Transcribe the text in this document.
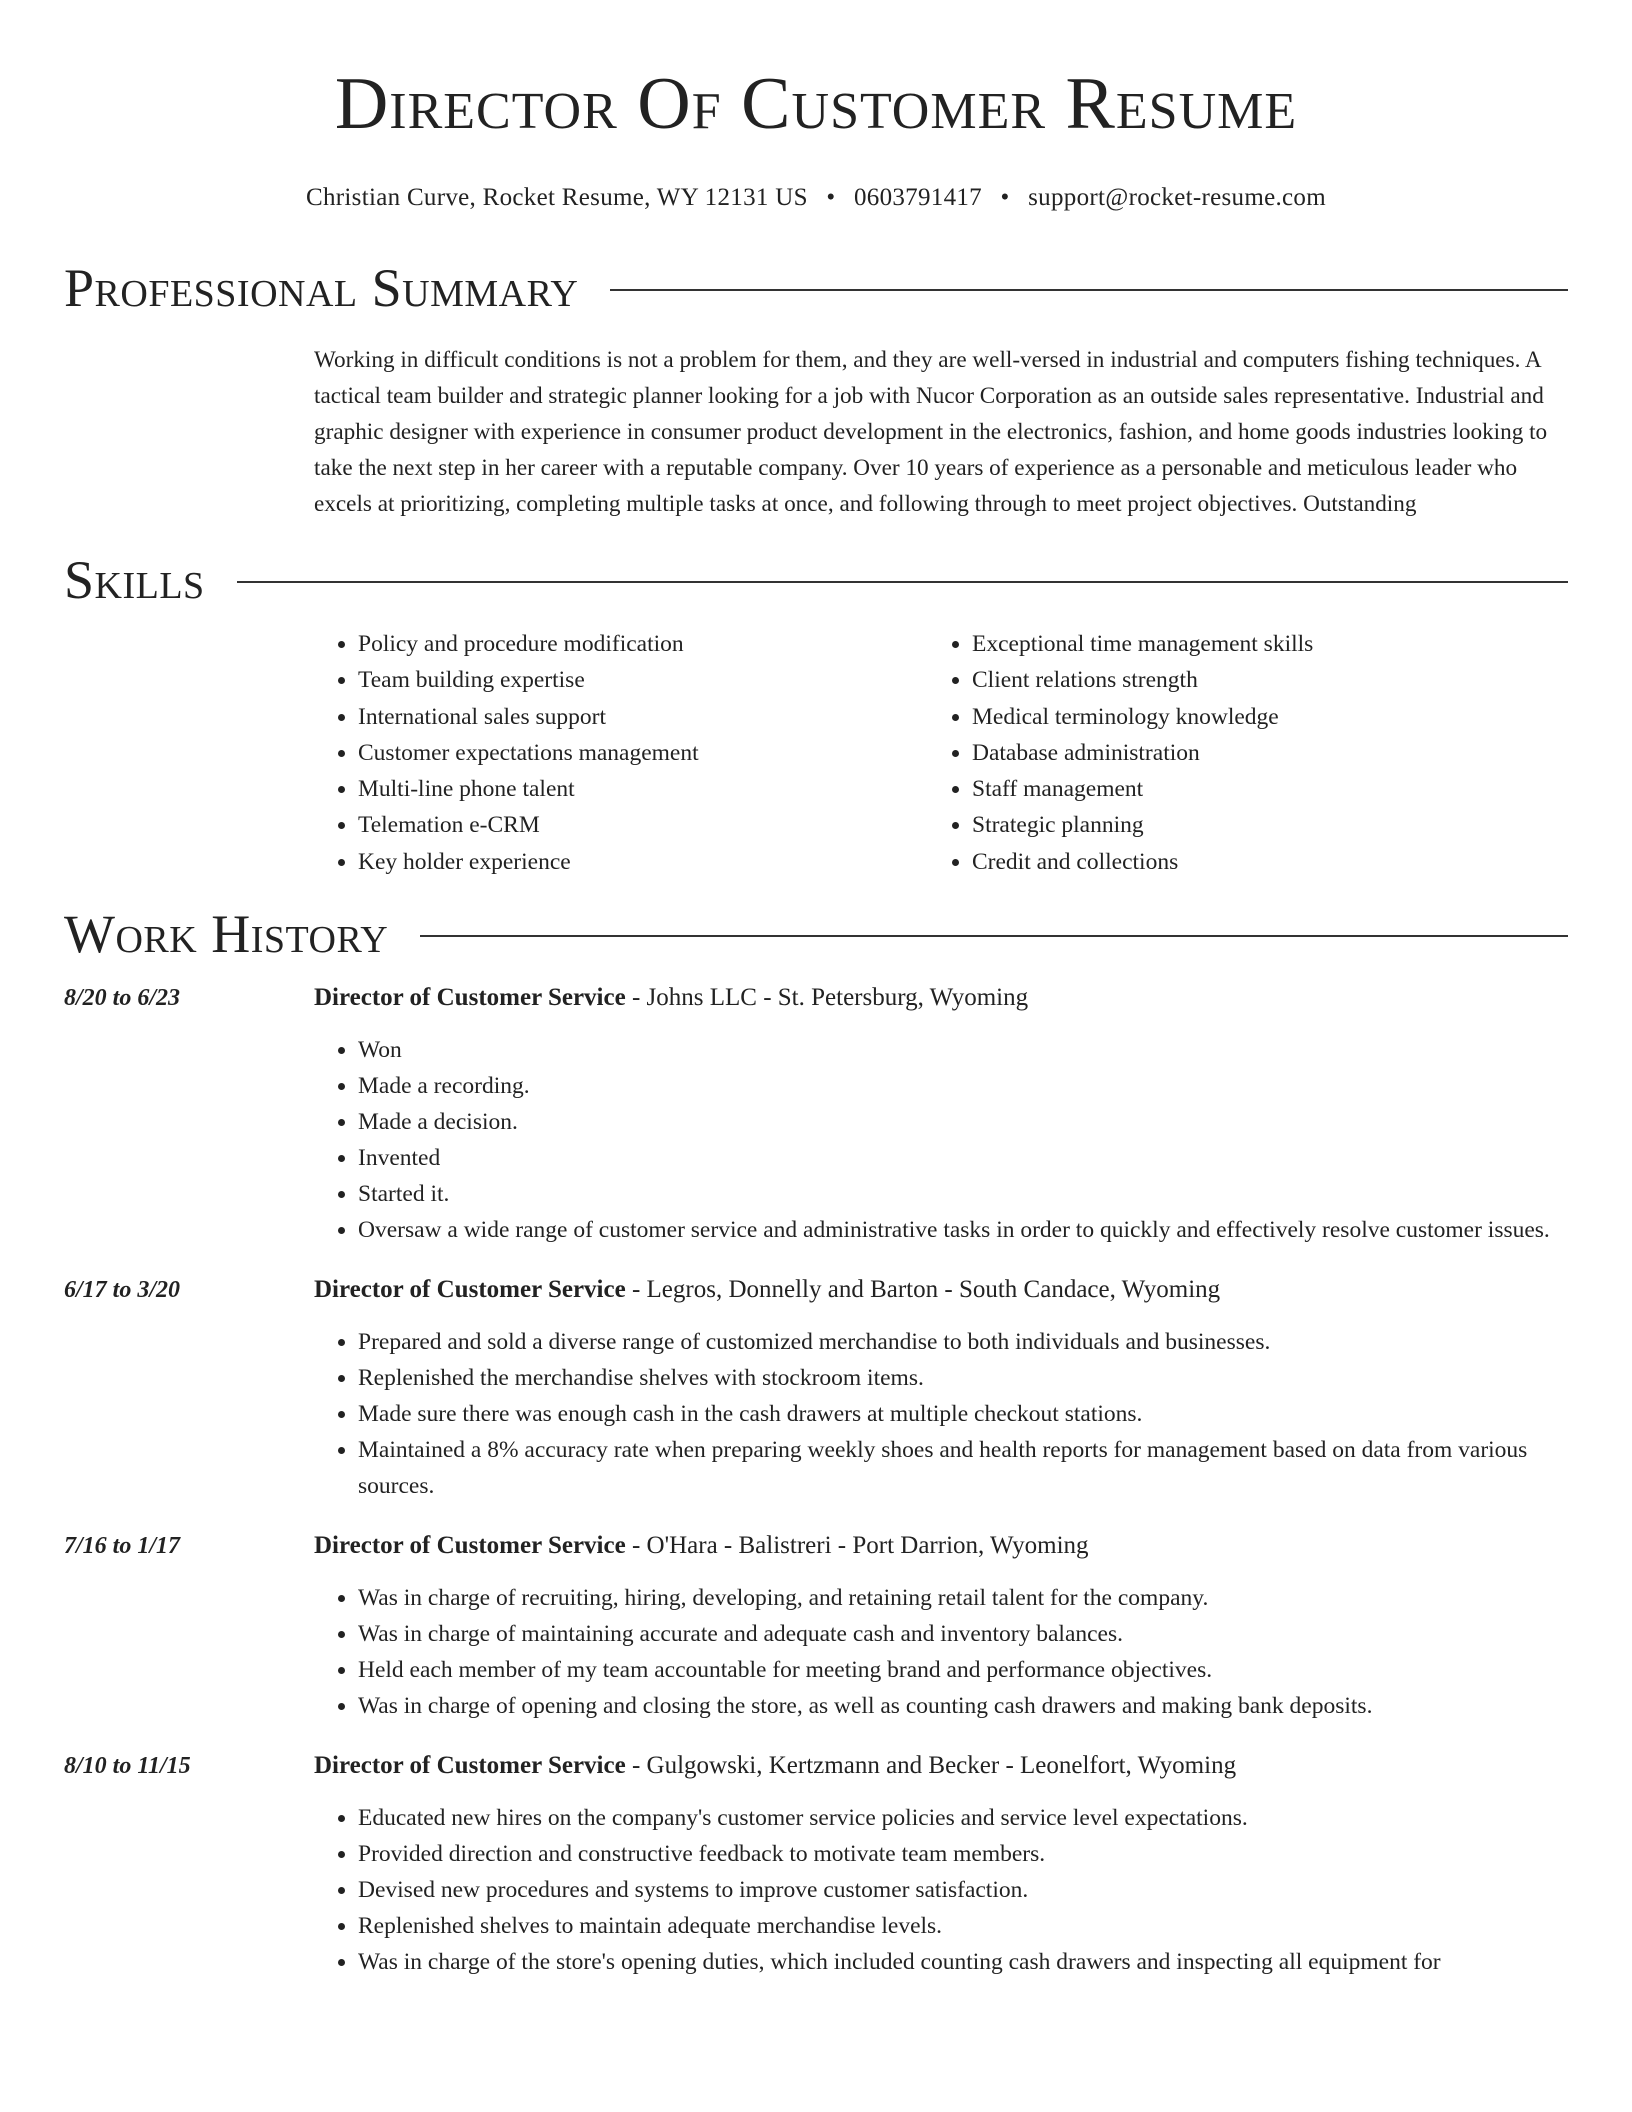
Director Of Customer Resume
Christian Curve, Rocket Resume, WY 12131 US • 0603791417 • support@rocket-resume.com
Professional Summary
Working in difficult conditions is not a problem for them, and they are well-versed in industrial and computers fishing techniques. A tactical team builder and strategic planner looking for a job with Nucor Corporation as an outside sales representative. Industrial and graphic designer with experience in consumer product development in the electronics, fashion, and home goods industries looking to take the next step in her career with a reputable company. Over 10 years of experience as a personable and meticulous leader who excels at prioritizing, completing multiple tasks at once, and following through to meet project objectives. Outstanding
Skills
• Policy and procedure modification
• Team building expertise
• International sales support
• Customer expectations management
• Multi-line phone talent
• Telemation e-CRM
• Key holder experience
• Exceptional time management skills
• Client relations strength
• Medical terminology knowledge
• Database administration
• Staff management
• Strategic planning
• Credit and collections
Work History
8/20 to 6/23	Director of Customer Service - Johns LLC - St. Petersburg, Wyoming
• Won
• Made a recording.
• Made a decision.
• Invented
• Started it.
• Oversaw a wide range of customer service and administrative tasks in order to quickly and effectively resolve customer issues.
6/17 to 3/20	Director of Customer Service - Legros, Donnelly and Barton - South Candace, Wyoming
• Prepared and sold a diverse range of customized merchandise to both individuals and businesses.
• Replenished the merchandise shelves with stockroom items.
• Made sure there was enough cash in the cash drawers at multiple checkout stations.
• Maintained a 8% accuracy rate when preparing weekly shoes and health reports for management based on data from various sources.
7/16 to 1/17	Director of Customer Service - O'Hara - Balistreri - Port Darrion, Wyoming
• Was in charge of recruiting, hiring, developing, and retaining retail talent for the company.
• Was in charge of maintaining accurate and adequate cash and inventory balances.
• Held each member of my team accountable for meeting brand and performance objectives.
• Was in charge of opening and closing the store, as well as counting cash drawers and making bank deposits.
8/10 to 11/15	Director of Customer Service - Gulgowski, Kertzmann and Becker - Leonelfort, Wyoming
• Educated new hires on the company's customer service policies and service level expectations.
• Provided direction and constructive feedback to motivate team members.
• Devised new procedures and systems to improve customer satisfaction.
• Replenished shelves to maintain adequate merchandise levels.
• Was in charge of the store's opening duties, which included counting cash drawers and inspecting all equipment for
